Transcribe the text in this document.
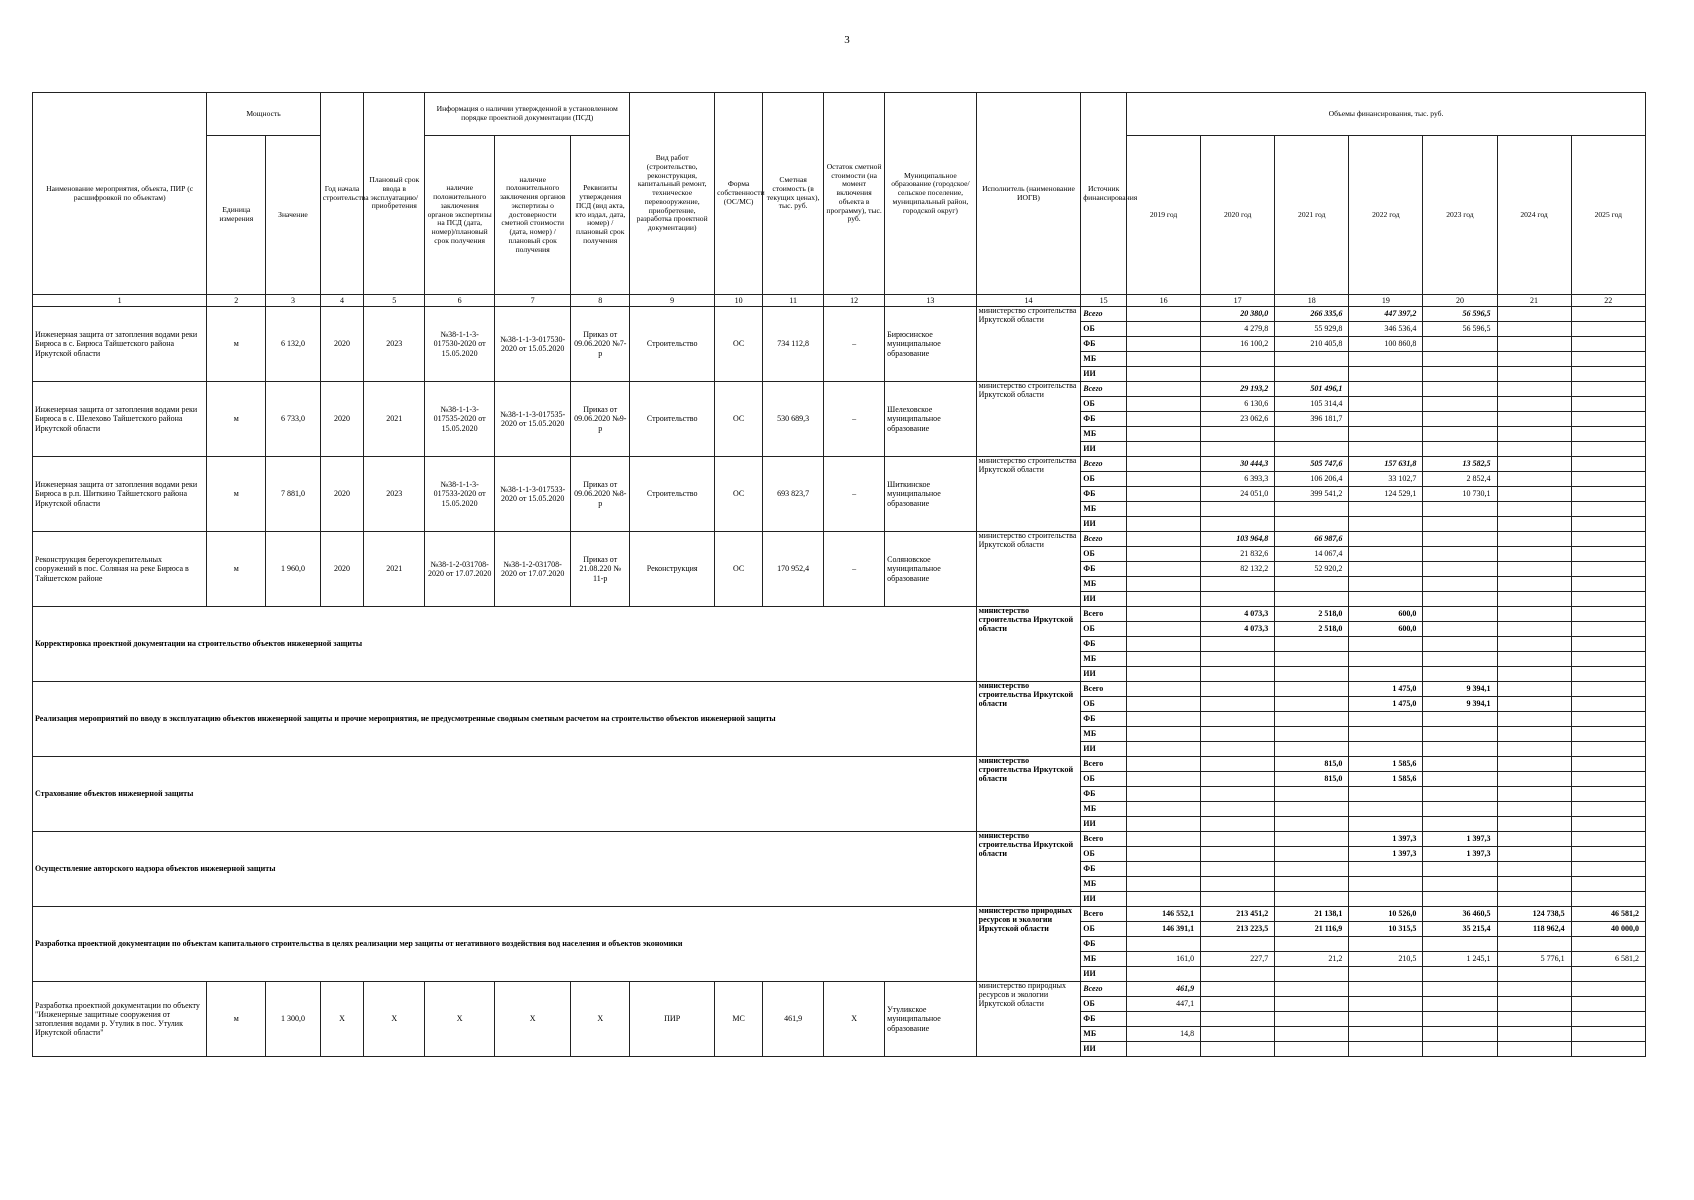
3
Наименование мероприятия, объекта, ПИР (с расшифровкой по объектам)	Мощность		Год начала строительства	Плановый срок ввода в эксплуатацию/приобретения	Информация о наличии утвержденной в установленном порядке проектной документации (ПСД)			Вид работ (строительство, реконструкция, капитальный ремонт, техническое перевооружение, приобретение, разработка проектной документации)	Форма собственности (ОС/МС)	Сметная стоимость (в текущих ценах), тыс. руб.	Остаток сметной стоимости (на момент включения объекта в программу), тыс. руб.	Муниципальное образование (городское/сельское поселение, муниципальный район, городской округ)	Исполнитель (наименование ИОГВ)	Источник финансирования	Объемы финансирования, тыс. руб.						
	Единица измерения	Значение			наличие положительного заключения органов экспертизы на ПСД (дата, номер)/плановый срок получения	наличие положительного заключения органов экспертизы о достоверности сметной стоимости (дата, номер) / плановый срок получения	Реквизиты утверждения ПСД (вид акта, кто издал, дата, номер) / плановый срок получения								2019 год	2020 год	2021 год	2022 год	2023 год	2024 год	2025 год
1	2	3	4	5	6	7	8	9	10	11	12	13	14	15	16	17	18	19	20	21	22
Инженерная защита от затопления водами реки Бирюса в с. Бирюса Тайшетского района Иркутской области	м	6 132,0	2020	2023	№38-1-1-3-017530-2020 от 15.05.2020	№38-1-1-3-017530-2020 от 15.05.2020	Приказ от 09.06.2020 №7-р	Строительство	ОС	734 112,8	–	Бирюсинское муниципальное образование	министерство строительства Иркутской области	Всего		20 380,0	266 335,6	447 397,2	56 596,5		
														ОБ		4 279,8	55 929,8	346 536,4	56 596,5		
														ФБ		16 100,2	210 405,8	100 860,8			
														МБ							
														ИИ							
Инженерная защита от затопления водами реки Бирюса в с. Шелехово Тайшетского района Иркутской области	м	6 733,0	2020	2021	№38-1-1-3-017535-2020 от 15.05.2020	№38-1-1-3-017535-2020 от 15.05.2020	Приказ от 09.06.2020 №9-р	Строительство	ОС	530 689,3	–	Шелеховское муниципальное образование	министерство строительства Иркутской области	Всего		29 193,2	501 496,1				
														ОБ		6 130,6	105 314,4				
														ФБ		23 062,6	396 181,7				
														МБ							
														ИИ							
Инженерная защита от затопления водами реки Бирюса в р.п. Шиткино Тайшетского района Иркутской области	м	7 881,0	2020	2023	№38-1-1-3-017533-2020 от 15.05.2020	№38-1-1-3-017533-2020 от 15.05.2020	Приказ от 09.06.2020 №8-р	Строительство	ОС	693 823,7	–	Шиткинское муниципальное образование	министерство строительства Иркутской области	Всего		30 444,3	505 747,6	157 631,8	13 582,5		
														ОБ		6 393,3	106 206,4	33 102,7	2 852,4		
														ФБ		24 051,0	399 541,2	124 529,1	10 730,1		
														МБ							
														ИИ							
Реконструкция берегоукрепительных сооружений в пос. Соляная на реке Бирюса в Тайшетском районе	м	1 960,0	2020	2021	№38-1-2-031708-2020 от 17.07.2020	№38-1-2-031708-2020 от 17.07.2020	Приказ от 21.08.220 № 11-р	Реконструкция	ОС	170 952,4	–	Соляновское муниципальное образование	министерство строительства Иркутской области	Всего		103 964,8	66 987,6				
														ОБ		21 832,6	14 067,4				
														ФБ		82 132,2	52 920,2				
														МБ							
														ИИ							
Корректировка проектной документации на строительство объектов инженерной защиты													министерство строительства Иркутской области	Всего		4 073,3	2 518,0	600,0			
														ОБ		4 073,3	2 518,0	600,0			
														ФБ							
														МБ							
														ИИ							
Реализация мероприятий по вводу в эксплуатацию объектов инженерной защиты и прочие мероприятия, не предусмотренные сводным сметным расчетом на строительство объектов инженерной защиты													министерство строительства Иркутской области	Всего				1 475,0	9 394,1		
														ОБ				1 475,0	9 394,1		
														ФБ							
														МБ							
														ИИ							
Страхование объектов инженерной защиты													министерство строительства Иркутской области	Всего			815,0	1 585,6			
														ОБ			815,0	1 585,6			
														ФБ							
														МБ							
														ИИ							
Осуществление авторского надзора объектов инженерной защиты													министерство строительства Иркутской области	Всего				1 397,3	1 397,3		
														ОБ				1 397,3	1 397,3		
														ФБ							
														МБ							
														ИИ							
Разработка проектной документации по объектам капитального строительства в целях реализации мер защиты от негативного воздействия вод населения и объектов экономики													министерство природных ресурсов и экологии Иркутской области	Всего	146 552,1	213 451,2	21 138,1	10 526,0	36 460,5	124 738,5	46 581,2
														ОБ	146 391,1	213 223,5	21 116,9	10 315,5	35 215,4	118 962,4	40 000,0
														ФБ							
														МБ	161,0	227,7	21,2	210,5	1 245,1	5 776,1	6 581,2
														ИИ							
Разработка проектной документации по объекту "Инженерные защитные сооружения от затопления водами р. Утулик в пос. Утулик Иркутской области"	м	1 300,0	Х	Х	Х	Х	Х	ПИР	МС	461,9	Х	Утуликское муниципальное образование	министерство природных ресурсов и экологии Иркутской области	Всего	461,9						
														ОБ	447,1						
														ФБ							
														МБ	14,8						
														ИИ							
